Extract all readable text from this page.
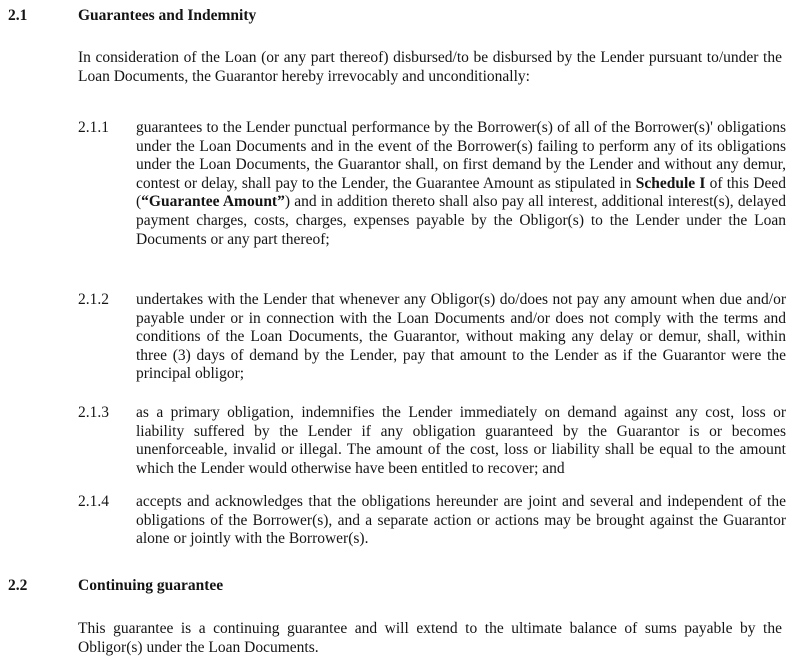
2.1	Guarantees and Indemnity
In consideration of the Loan (or any part thereof) disbursed/to be disbursed by the Lender pursuant to/under the Loan Documents, the Guarantor hereby irrevocably and unconditionally:
2.1.1	guarantees to the Lender punctual performance by the Borrower(s) of all of the Borrower(s)' obligations under the Loan Documents and in the event of the Borrower(s) failing to perform any of its obligations under the Loan Documents, the Guarantor shall, on first demand by the Lender and without any demur, contest or delay, shall pay to the Lender, the Guarantee Amount as stipulated in Schedule I of this Deed (“Guarantee Amount”) and in addition thereto shall also pay all interest, additional interest(s), delayed payment charges, costs, charges, expenses payable by the Obligor(s) to the Lender under the Loan Documents or any part thereof;
2.1.2	undertakes with the Lender that whenever any Obligor(s) do/does not pay any amount when due and/or payable under or in connection with the Loan Documents and/or does not comply with the terms and conditions of the Loan Documents, the Guarantor, without making any delay or demur, shall, within three (3) days of demand by the Lender, pay that amount to the Lender as if the Guarantor were the principal obligor;
2.1.3	as a primary obligation, indemnifies the Lender immediately on demand against any cost, loss or liability suffered by the Lender if any obligation guaranteed by the Guarantor is or becomes unenforceable, invalid or illegal. The amount of the cost, loss or liability shall be equal to the amount which the Lender would otherwise have been entitled to recover; and
2.1.4	accepts and acknowledges that the obligations hereunder are joint and several and independent of the obligations of the Borrower(s), and a separate action or actions may be brought against the Guarantor alone or jointly with the Borrower(s).
2.2	Continuing guarantee
This guarantee is a continuing guarantee and will extend to the ultimate balance of sums payable by the Obligor(s) under the Loan Documents.
